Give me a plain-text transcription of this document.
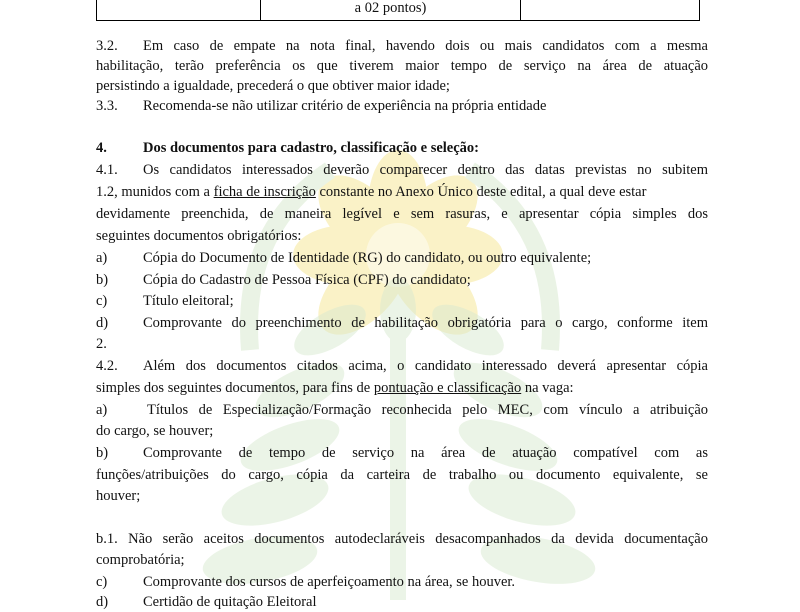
a 02 pontos)
3.2. Em caso de empate na nota final, havendo dois ou mais candidatos com a mesma
habilitação, terão preferência os que tiverem maior tempo de serviço na área de atuação
persistindo a igualdade, precederá o que obtiver maior idade;
3.3. Recomenda-se não utilizar critério de experiência na própria entidade
4. Dos documentos para cadastro, classificação e seleção:
4.1. Os candidatos interessados deverão comparecer dentro das datas previstas no subitem
1.2, munidos com a ficha de inscrição constante no Anexo Único deste edital, a qual deve estar
devidamente preenchida, de maneira legível e sem rasuras, e apresentar cópia simples dos
seguintes documentos obrigatórios:
a) Cópia do Documento de Identidade (RG) do candidato, ou outro equivalente;
b) Cópia do Cadastro de Pessoa Física (CPF) do candidato;
c) Título eleitoral;
d) Comprovante do preenchimento de habilitação obrigatória para o cargo, conforme item
2.
4.2. Além dos documentos citados acima, o candidato interessado deverá apresentar cópia
simples dos seguintes documentos, para fins de pontuação e classificação na vaga:
a)	Títulos de Especialização/Formação reconhecida pelo MEC, com vínculo a atribuição
do cargo, se houver;
b) Comprovante de tempo de serviço na área de atuação compatível com as
funções/atribuições do cargo, cópia da carteira de trabalho ou documento equivalente, se
houver;
b.1. Não serão aceitos documentos autodeclaráveis desacompanhados da devida documentação
comprobatória;
c) Comprovante dos cursos de aperfeiçoamento na área, se houver.
d) Certidão de quitação Eleitoral
